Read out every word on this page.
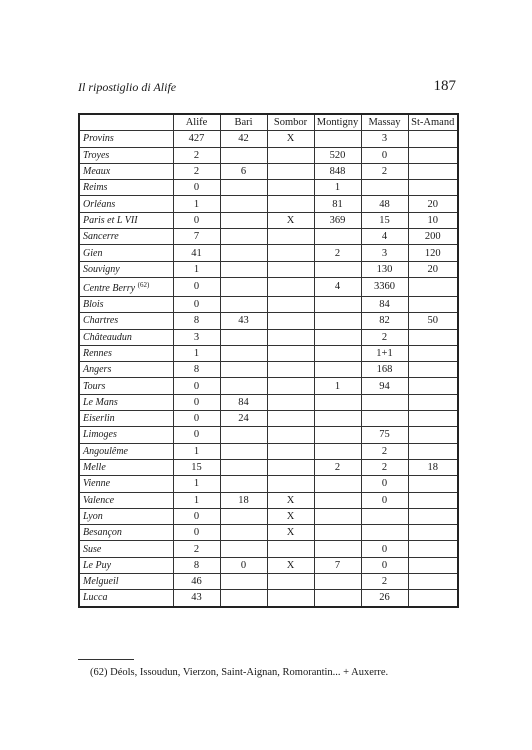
Il ripostiglio di Alife	187
	Alife	Bari	Sombor	Montigny	Massay	St-Amand
Provins	427	42	X		3	
Troyes	2			520	0	
Meaux	2	6		848	2	
Reims	0			1		
Orléans	1			81	48	20
Paris et L VII	0		X	369	15	10
Sancerre	7				4	200
Gien	41			2	3	120
Souvigny	1				130	20
Centre Berry $^{(62)}$	0			4	3360	
Blois	0				84	
Chartres	8	43			82	50
Châteaudun	3				2	
Rennes	1				1+1	
Angers	8				168	
Tours	0			1	94	
Le Mans	0	84				
Eiserlin	0	24				
Limoges	0				75	
Angoulême	1				2	
Melle	15			2	2	18
Vienne	1				0	
Valence	1	18	X		0	
Lyon	0		X			
Besançon	0		X			
Suse	2				0	
Le Puy	8	0	X	7	0	
Melgueil	46				2	
Lucca	43				26	
(62) Déols, Issoudun, Vierzon, Saint-Aignan, Romorantin... + Auxerre.
